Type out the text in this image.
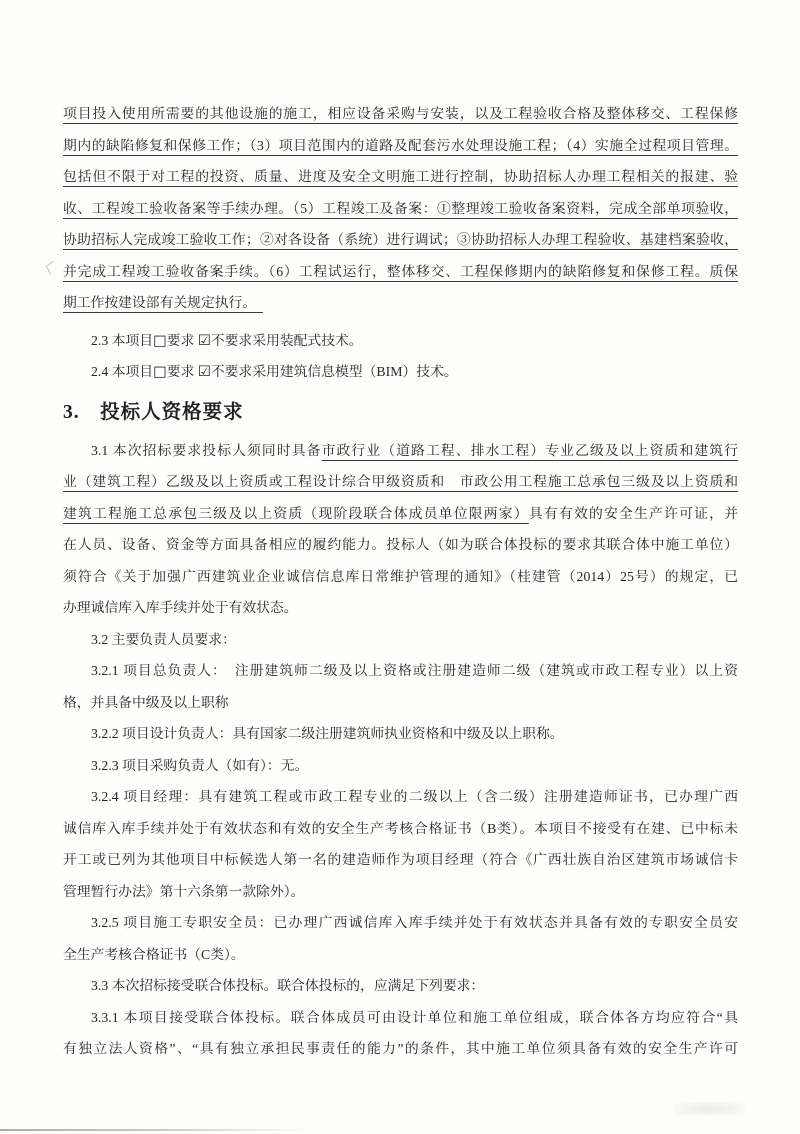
项目投入使用所需要的其他设施的施工，相应设备采购与安装，以及工程验收合格及整体移交、工程保修
期内的缺陷修复和保修工作；（3）项目范围内的道路及配套污水处理设施工程；（4）实施全过程项目管理。
包括但不限于对工程的投资、质量、进度及安全文明施工进行控制，协助招标人办理工程相关的报建、验
收、工程竣工验收备案等手续办理。（5）工程竣工及备案：①整理竣工验收备案资料，完成全部单项验收，
协助招标人完成竣工验收工作；②对各设备（系统）进行调试；③协助招标人办理工程验收、基建档案验收，
并完成工程竣工验收备案手续。（6）工程试运行，整体移交、工程保修期内的缺陷修复和保修工程。质保
期工作按建设部有关规定执行。　
2.3 本项目□要求 ☑不要求采用装配式技术。
2.4 本项目□要求 ☑不要求采用建筑信息模型（BIM）技术。
3.　投标人资格要求
3.1 本次招标要求投标人须同时具备市政行业（道路工程、排水工程）专业乙级及以上资质和建筑行
业（建筑工程）乙级及以上资质或工程设计综合甲级资质和　市政公用工程施工总承包三级及以上资质和
建筑工程施工总承包三级及以上资质（现阶段联合体成员单位限两家）具有有效的安全生产许可证，并
在人员、设备、资金等方面具备相应的履约能力。投标人（如为联合体投标的要求其联合体中施工单位）
须符合《关于加强广西建筑业企业诚信信息库日常维护管理的通知》（桂建管（2014）25号）的规定，已
办理诚信库入库手续并处于有效状态。
3.2 主要负责人员要求：
3.2.1 项目总负责人：　注册建筑师二级及以上资格或注册建造师二级（建筑或市政工程专业）以上资
格，并具备中级及以上职称
3.2.2 项目设计负责人：具有国家二级注册建筑师执业资格和中级及以上职称。
3.2.3 项目采购负责人（如有）：无。
3.2.4 项目经理：具有建筑工程或市政工程专业的二级以上（含二级）注册建造师证书，已办理广西
诚信库入库手续并处于有效状态和有效的安全生产考核合格证书（B类）。本项目不接受有在建、已中标未
开工或已列为其他项目中标候选人第一名的建造师作为项目经理（符合《广西壮族自治区建筑市场诚信卡
管理暂行办法》第十六条第一款除外）。
3.2.5 项目施工专职安全员：已办理广西诚信库入库手续并处于有效状态并具备有效的专职安全员安
全生产考核合格证书（C类）。
3.3 本次招标接受联合体投标。联合体投标的，应满足下列要求：
3.3.1 本项目接受联合体投标。联合体成员可由设计单位和施工单位组成，联合体各方均应符合“具
有独立法人资格”、“具有独立承担民事责任的能力”的条件，其中施工单位须具备有效的安全生产许可
〈
